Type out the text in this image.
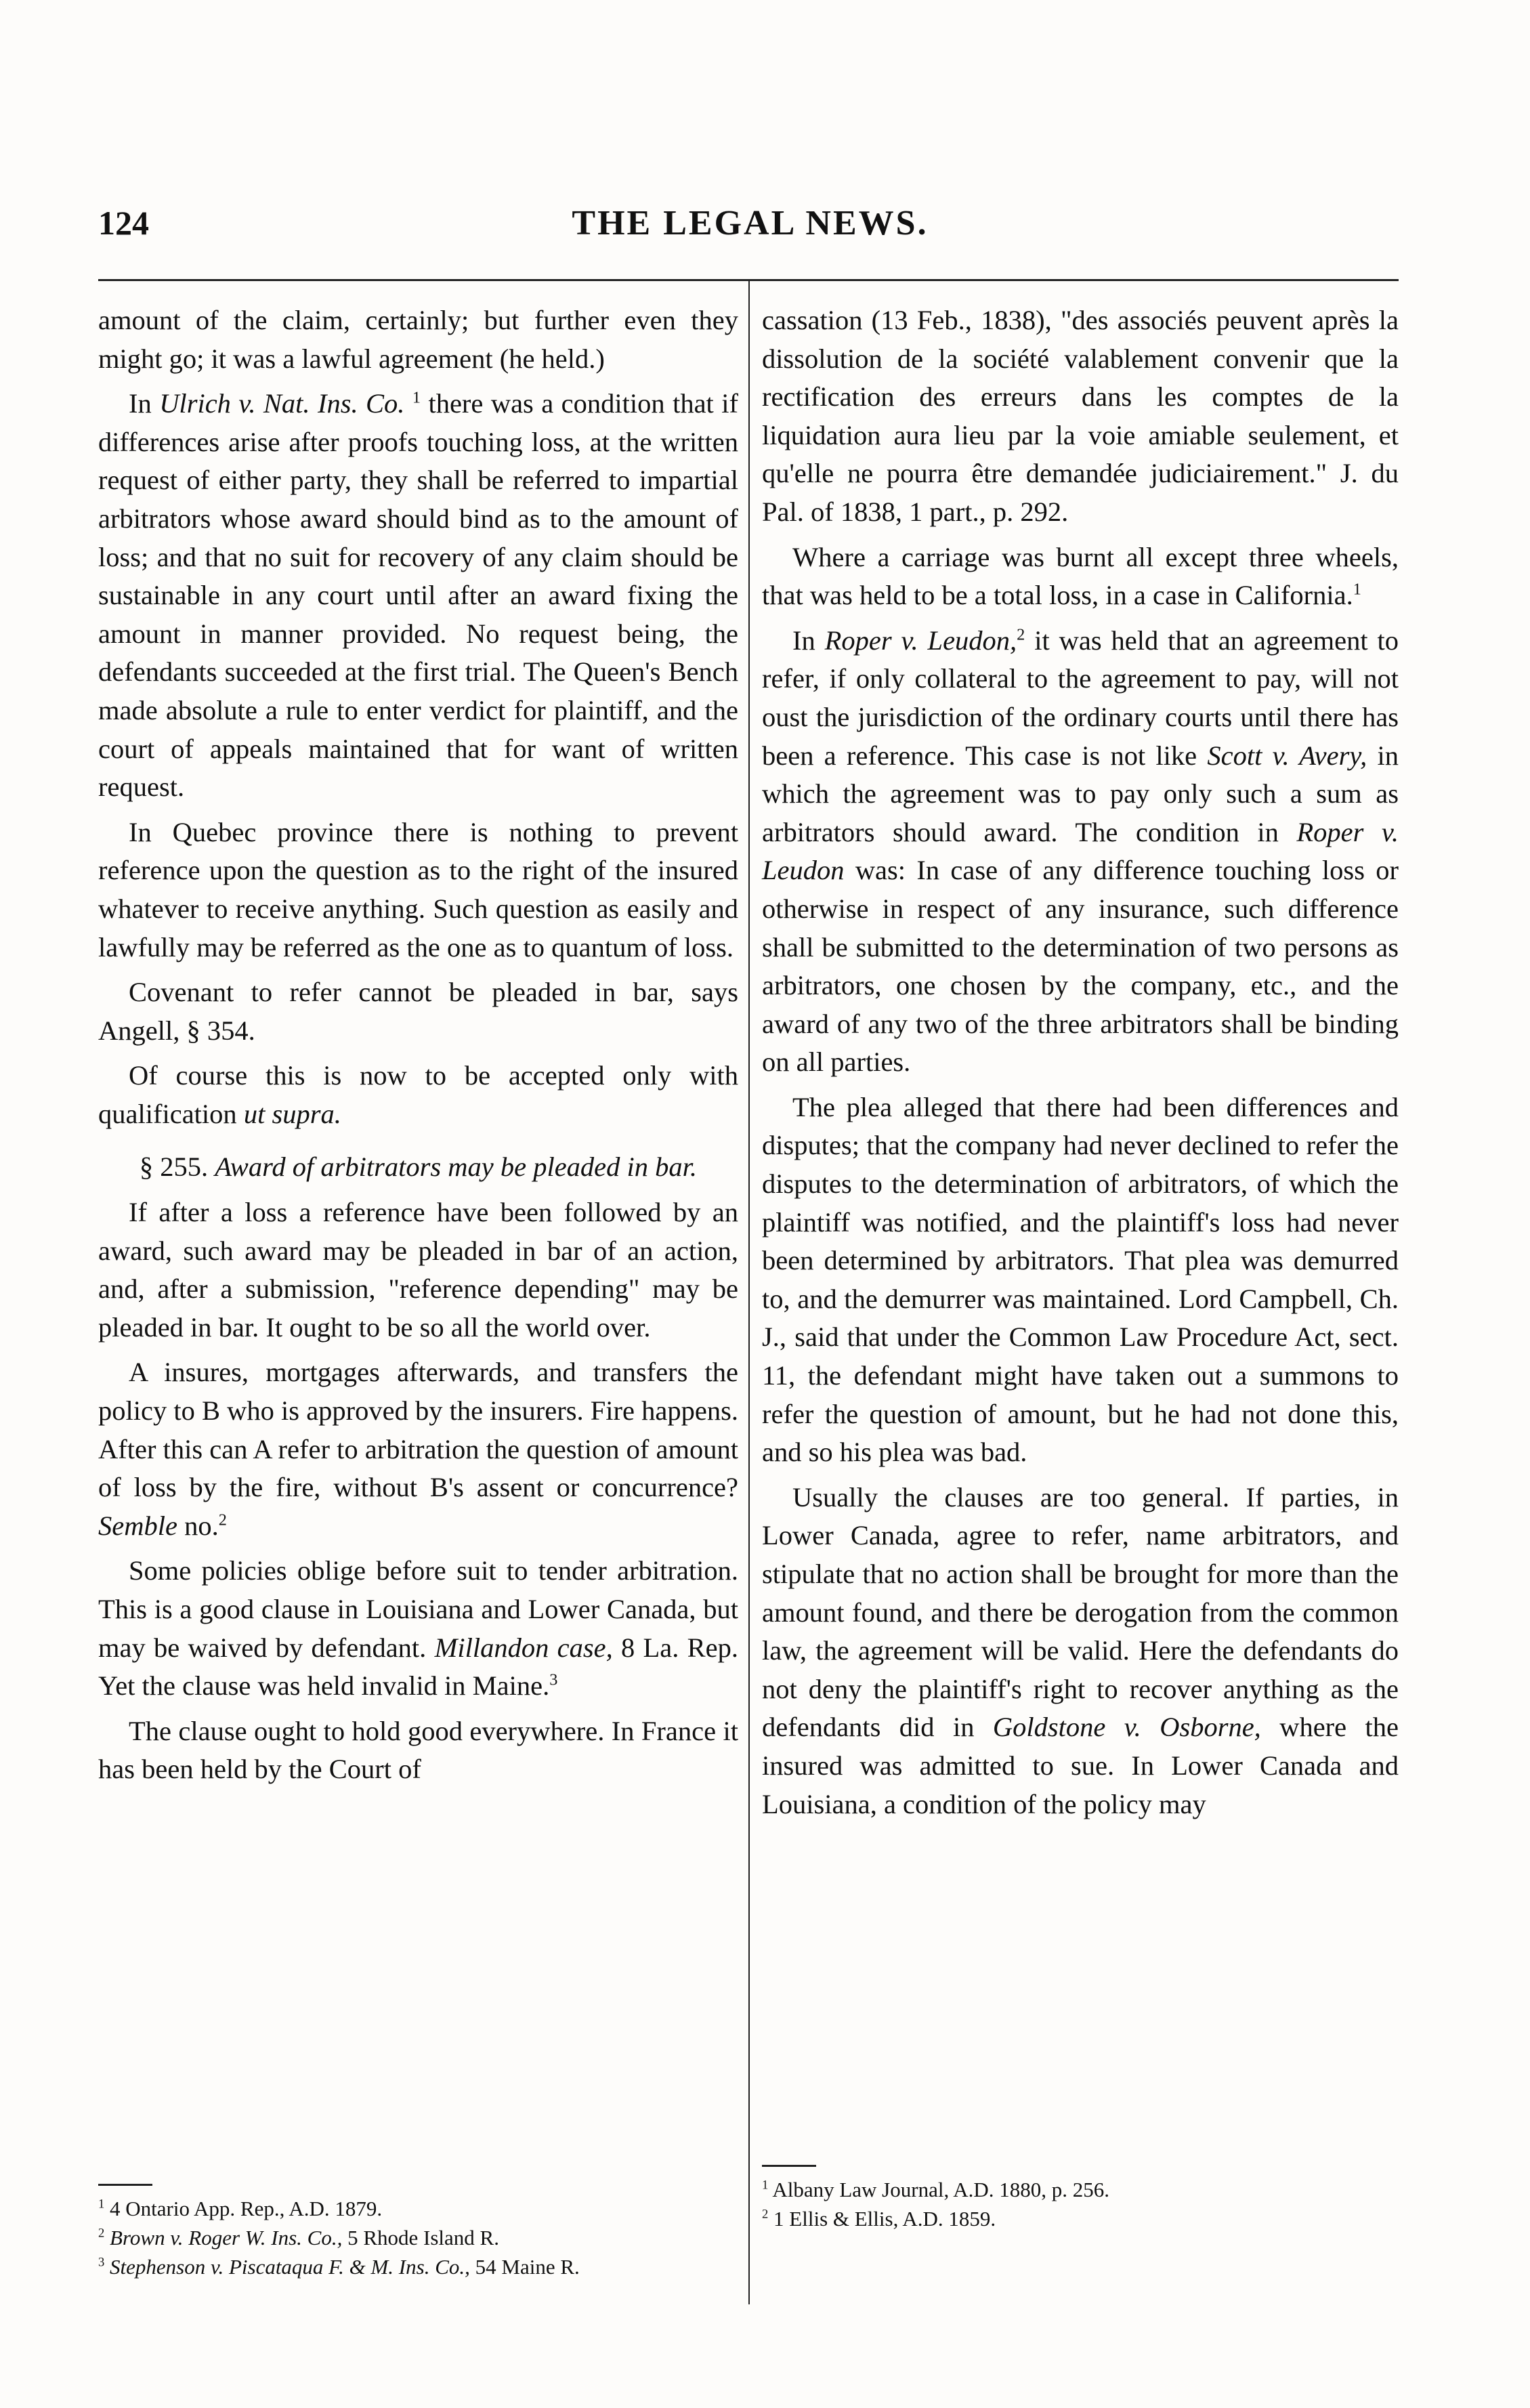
124	THE LEGAL NEWS.

amount of the claim, certainly; but further even they might go; it was a lawful agreement (he held.)

In Ulrich v. Nat. Ins. Co. $^1$ there was a condition that if differences arise after proofs touching loss, at the written request of either party, they shall be referred to impartial arbitrators whose award should bind as to the amount of loss; and that no suit for recovery of any claim should be sustainable in any court until after an award fixing the amount in manner provided. No request being, the defendants succeeded at the first trial. The Queen's Bench made absolute a rule to enter verdict for plaintiff, and the court of appeals maintained that for want of written request.

In Quebec province there is nothing to prevent reference upon the question as to the right of the insured whatever to receive anything. Such question as easily and lawfully may be referred as the one as to quantum of loss.

Covenant to refer cannot be pleaded in bar, says Angell, § 354.

Of course this is now to be accepted only with qualification ut supra.

§ 255. Award of arbitrators may be pleaded in bar.

If after a loss a reference have been followed by an award, such award may be pleaded in bar of an action, and, after a submission, "reference depending" may be pleaded in bar. It ought to be so all the world over.

A insures, mortgages afterwards, and transfers the policy to B who is approved by the insurers. Fire happens. After this can A refer to arbitration the question of amount of loss by the fire, without B's assent or concurrence? Semble no.$^2$

Some policies oblige before suit to tender arbitration. This is a good clause in Louisiana and Lower Canada, but may be waived by defendant. Millandon case, 8 La. Rep. Yet the clause was held invalid in Maine.$^3$

The clause ought to hold good everywhere. In France it has been held by the Court of

$^1$ 4 Ontario App. Rep., A.D. 1879.

$^2$ Brown v. Roger W. Ins. Co., 5 Rhode Island R.

$^3$ Stephenson v. Piscataqua F. & M. Ins. Co., 54 Maine R.

cassation (13 Feb., 1838), "des associés peuvent après la dissolution de la société valablement convenir que la rectification des erreurs dans les comptes de la liquidation aura lieu par la voie amiable seulement, et qu'elle ne pourra être demandée judiciairement." J. du Pal. of 1838, 1 part., p. 292.

Where a carriage was burnt all except three wheels, that was held to be a total loss, in a case in California.$^1$

In Roper v. Leudon,$^2$ it was held that an agreement to refer, if only collateral to the agreement to pay, will not oust the jurisdiction of the ordinary courts until there has been a reference. This case is not like Scott v. Avery, in which the agreement was to pay only such a sum as arbitrators should award. The condition in Roper v. Leudon was: In case of any difference touching loss or otherwise in respect of any insurance, such difference shall be submitted to the determination of two persons as arbitrators, one chosen by the company, etc., and the award of any two of the three arbitrators shall be binding on all parties.

The plea alleged that there had been differences and disputes; that the company had never declined to refer the disputes to the determination of arbitrators, of which the plaintiff was notified, and the plaintiff's loss had never been determined by arbitrators. That plea was demurred to, and the demurrer was maintained. Lord Campbell, Ch. J., said that under the Common Law Procedure Act, sect. 11, the defendant might have taken out a summons to refer the question of amount, but he had not done this, and so his plea was bad.

Usually the clauses are too general. If parties, in Lower Canada, agree to refer, name arbitrators, and stipulate that no action shall be brought for more than the amount found, and there be derogation from the common law, the agreement will be valid. Here the defendants do not deny the plaintiff's right to recover anything as the defendants did in Goldstone v. Osborne, where the insured was admitted to sue. In Lower Canada and Louisiana, a condition of the policy may

$^1$ Albany Law Journal, A.D. 1880, p. 256.

$^2$ 1 Ellis & Ellis, A.D. 1859.
